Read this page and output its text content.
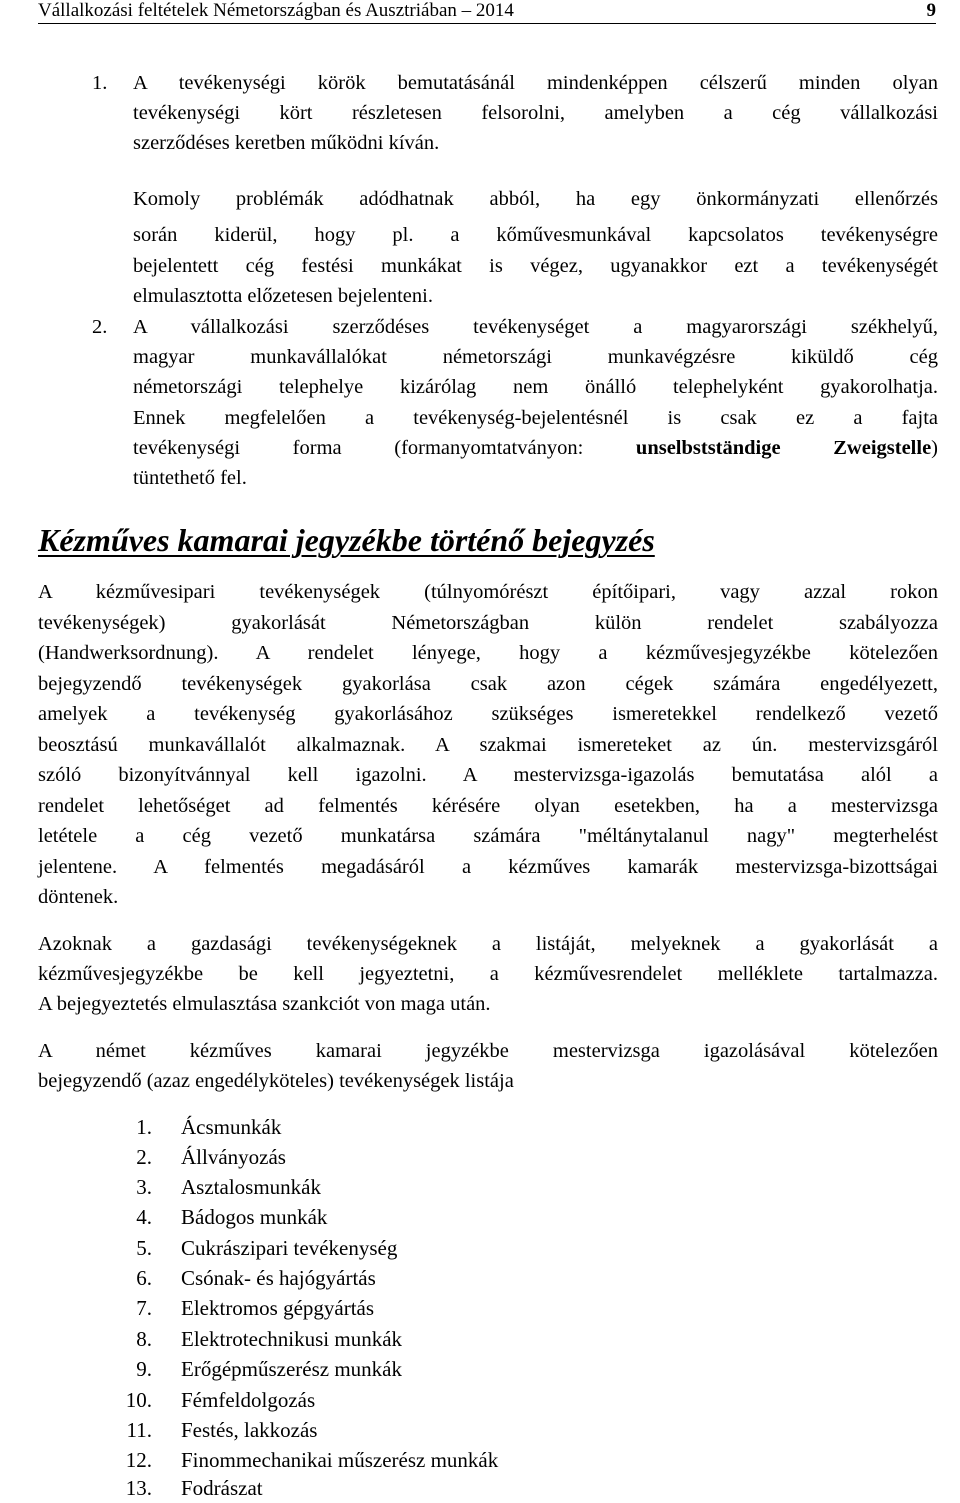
Vállalkozási feltételek Németországban és Ausztriában – 2014	9
1. A tevékenységi körök bemutatásánál mindenképpen célszerű minden olyan
tevékenységi kört részletesen felsorolni, amelyben a cég vállalkozási
szerződéses keretben működni kíván.
Komoly problémák adódhatnak abból, ha egy önkormányzati ellenőrzés
során kiderül, hogy pl. a kőművesmunkával kapcsolatos tevékenységre
bejelentett cég festési munkákat is végez, ugyanakkor ezt a tevékenységét
elmulasztotta előzetesen bejelenteni.
2. A vállalkozási szerződéses tevékenységet a magyarországi székhelyű,
magyar munkavállalókat németországi munkavégzésre kiküldő cég
németországi telephelye kizárólag nem önálló telephelyként gyakorolhatja.
Ennek megfelelően a tevékenység-bejelentésnél is csak ez a fajta
tevékenységi forma (formanyomtatványon: unselbstständige Zweigstelle)
tüntethető fel.
Kézműves kamarai jegyzékbe történő bejegyzés
A kézművesipari tevékenységek (túlnyomórészt építőipari, vagy azzal rokon
tevékenységek) gyakorlását Németországban külön rendelet szabályozza
(Handwerksordnung). A rendelet lényege, hogy a kézművesjegyzékbe kötelezően
bejegyzendő tevékenységek gyakorlása csak azon cégek számára engedélyezett,
amelyek a tevékenység gyakorlásához szükséges ismeretekkel rendelkező vezető
beosztású munkavállalót alkalmaznak. A szakmai ismereteket az ún. mestervizsgáról
szóló bizonyítvánnyal kell igazolni. A mestervizsga-igazolás bemutatása alól a
rendelet lehetőséget ad felmentés kérésére olyan esetekben, ha a mestervizsga
letétele a cég vezető munkatársa számára "méltánytalanul nagy" megterhelést
jelentene. A felmentés megadásáról a kézműves kamarák mestervizsga-bizottságai
döntenek.
Azoknak a gazdasági tevékenységeknek a listáját, melyeknek a gyakorlását a
kézművesjegyzékbe be kell jegyeztetni, a kézművesrendelet melléklete tartalmazza.
A bejegyeztetés elmulasztása szankciót von maga után.
A német kézműves kamarai jegyzékbe mestervizsga igazolásával kötelezően
bejegyzendő (azaz engedélyköteles) tevékenységek listája
1. Ácsmunkák
2. Állványozás
3. Asztalosmunkák
4. Bádogos munkák
5. Cukrászipari tevékenység
6. Csónak- és hajógyártás
7. Elektromos gépgyártás
8. Elektrotechnikusi munkák
9. Erőgépműszerész munkák
10. Fémfeldolgozás
11. Festés, lakkozás
12. Finommechanikai műszerész munkák
13. Fodrászat
